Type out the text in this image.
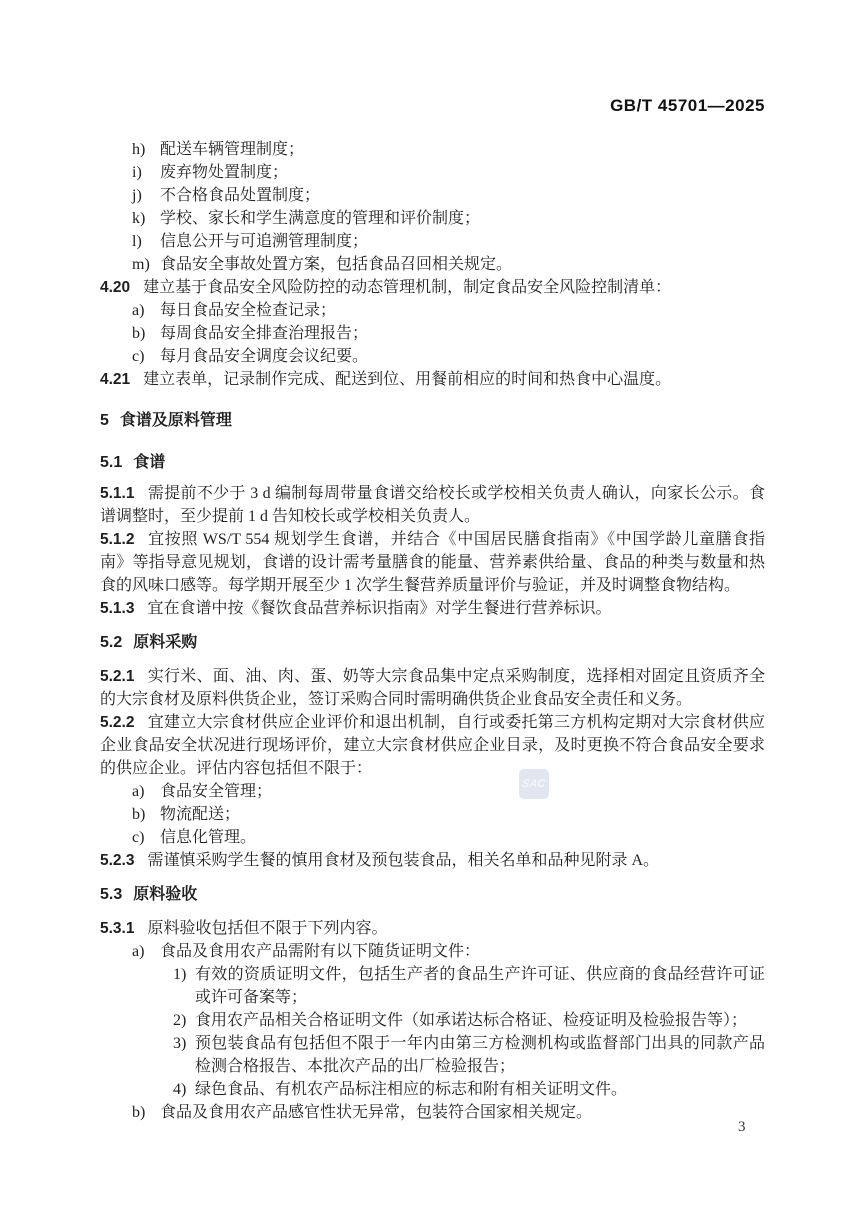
SAC
GB/T 45701—2025
h) 配送车辆管理制度；
i) 废弃物处置制度；
j) 不合格食品处置制度；
k) 学校、家长和学生满意度的管理和评价制度；
l) 信息公开与可追溯管理制度；
m) 食品安全事故处置方案，包括食品召回相关规定。

4.20 建立基于食品安全风险防控的动态管理机制，制定食品安全风险控制清单：

a) 每日食品安全检查记录；
b) 每周食品安全排查治理报告；
c) 每月食品安全调度会议纪要。

4.21 建立表单，记录制作完成、配送到位、用餐前相应的时间和热食中心温度。

5 食谱及原料管理

5.1 食谱

5.1.1 需提前不少于 3 d 编制每周带量食谱交给校长或学校相关负责人确认，向家长公示。食谱调整时，至少提前 1 d 告知校长或学校相关负责人。

5.1.2 宜按照 WS/T 554 规划学生食谱，并结合《中国居民膳食指南》《中国学龄儿童膳食指南》等指导意见规划，食谱的设计需考量膳食的能量、营养素供给量、食品的种类与数量和热食的风味口感等。每学期开展至少 1 次学生餐营养质量评价与验证，并及时调整食物结构。

5.1.3 宜在食谱中按《餐饮食品营养标识指南》对学生餐进行营养标识。

5.2 原料采购

5.2.1 实行米、面、油、肉、蛋、奶等大宗食品集中定点采购制度，选择相对固定且资质齐全的大宗食材及原料供货企业，签订采购合同时需明确供货企业食品安全责任和义务。

5.2.2 宜建立大宗食材供应企业评价和退出机制，自行或委托第三方机构定期对大宗食材供应企业食品安全状况进行现场评价，建立大宗食材供应企业目录，及时更换不符合食品安全要求的供应企业。评估内容包括但不限于：

a) 食品安全管理；
b) 物流配送；
c) 信息化管理。

5.2.3 需谨慎采购学生餐的慎用食材及预包装食品，相关名单和品种见附录 A。

5.3 原料验收

5.3.1 原料验收包括但不限于下列内容。

a) 食品及食用农产品需附有以下随货证明文件：
1) 有效的资质证明文件，包括生产者的食品生产许可证、供应商的食品经营许可证或许可备案等；
2) 食用农产品相关合格证明文件（如承诺达标合格证、检疫证明及检验报告等）；
3) 预包装食品有包括但不限于一年内由第三方检测机构或监督部门出具的同款产品检测合格报告、本批次产品的出厂检验报告；
4) 绿色食品、有机农产品标注相应的标志和附有相关证明文件。
b) 食品及食用农产品感官性状无异常，包装符合国家相关规定。
3
